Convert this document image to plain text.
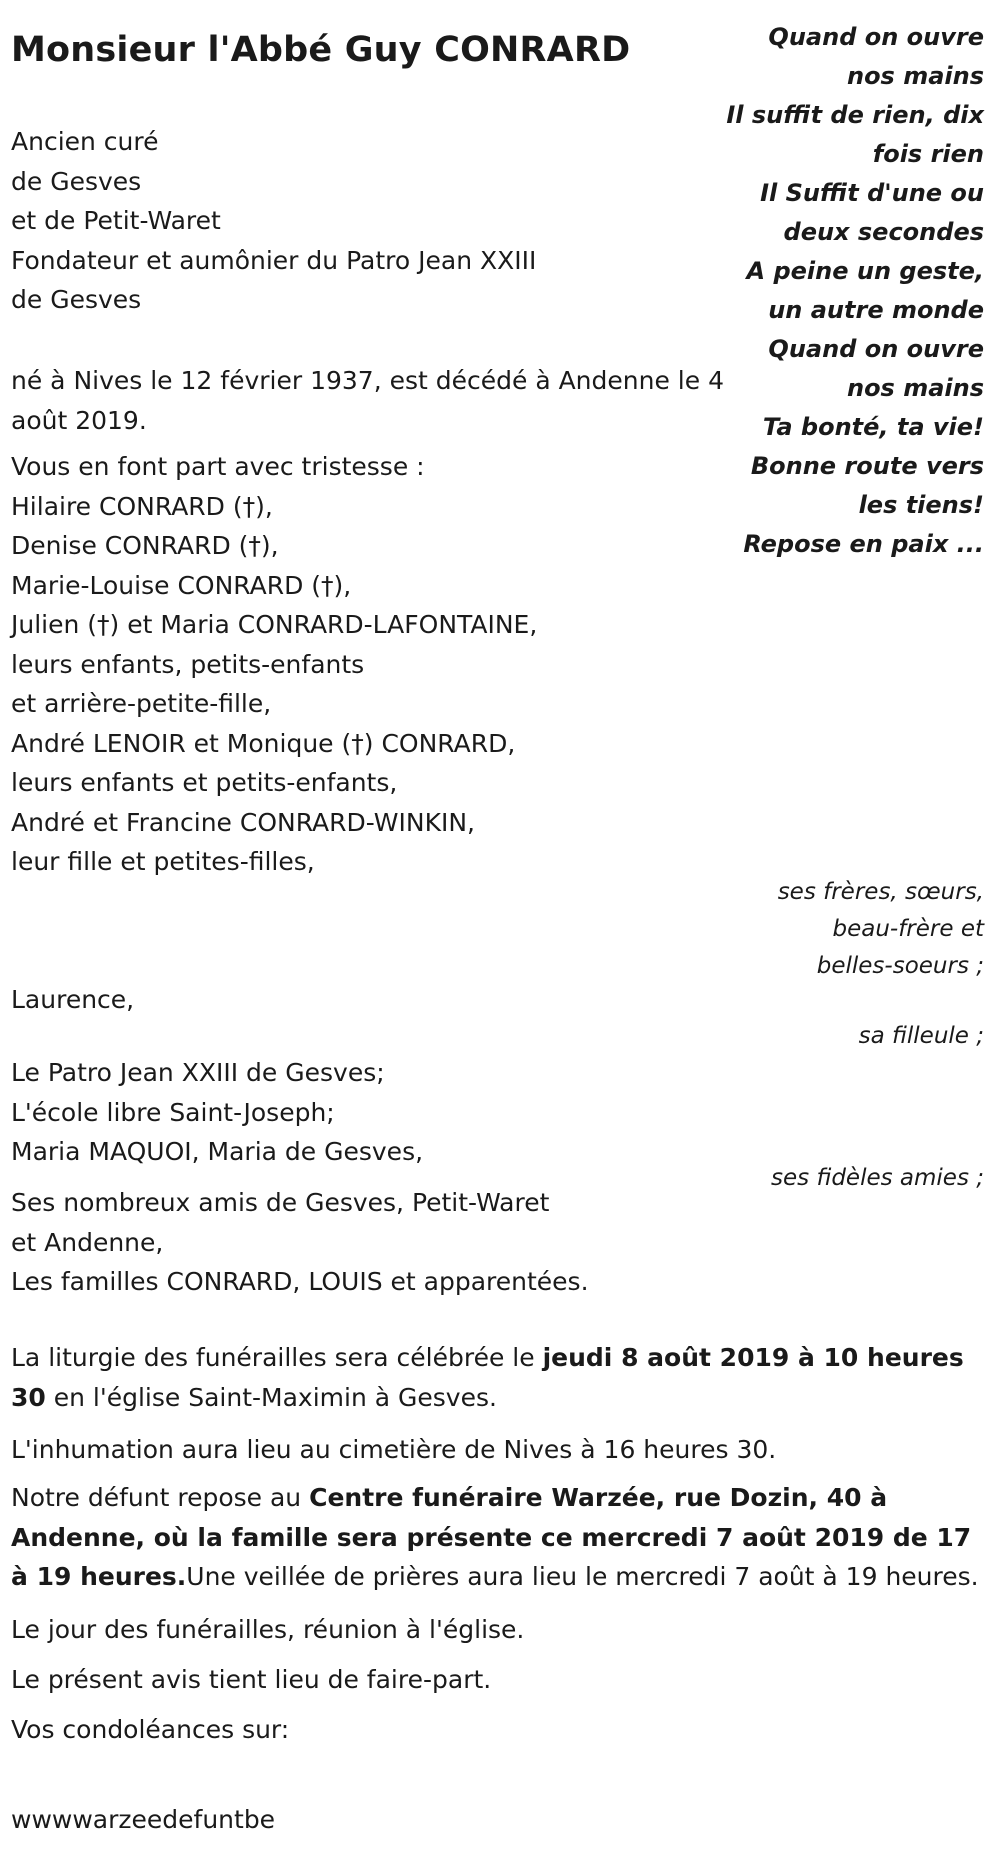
Monsieur l'Abbé Guy CONRARD	Quand on ouvre
nos mains
Il suffit de rien, dix
fois rien
Il Suffit d'une ou
deux secondes
A peine un geste,
un autre monde
Quand on ouvre
nos mains
Ta bonté, ta vie!
Bonne route vers
les tiens!
Repose en paix ...
Ancien curé
de Gesves
et de Petit-Waret
Fondateur et aumônier du Patro Jean XXIII
de Gesves
né à Nives le 12 février 1937, est décédé à Andenne le 4
août 2019.
Vous en font part avec tristesse :
Hilaire CONRARD (†),
Denise CONRARD (†),
Marie-Louise CONRARD (†),
Julien (†) et Maria CONRARD-LAFONTAINE,
leurs enfants, petits-enfants
et arrière-petite-fille,
André LENOIR et Monique (†) CONRARD,
leurs enfants et petits-enfants,
André et Francine CONRARD-WINKIN,
leur fille et petites-filles,
ses frères, sœurs,
beau-frère et
belles-soeurs ;
Laurence,
sa filleule ;
Le Patro Jean XXIII de Gesves;
L'école libre Saint-Joseph;
Maria MAQUOI, Maria de Gesves,
ses fidèles amies ;
Ses nombreux amis de Gesves, Petit-Waret
et Andenne,
Les familles CONRARD, LOUIS et apparentées.
La liturgie des funérailles sera célébrée le jeudi 8 août 2019 à 10 heures 30 en l'église Saint-Maximin à Gesves.
L'inhumation aura lieu au cimetière de Nives à 16 heures 30.
Notre défunt repose au Centre funéraire Warzée, rue Dozin, 40 à Andenne, où la famille sera présente ce mercredi 7 août 2019 de 17 à 19 heures.Une veillée de prières aura lieu le mercredi 7 août à 19 heures.
Le jour des funérailles, réunion à l'église.
Le présent avis tient lieu de faire-part.
Vos condoléances sur:
wwwwarzeedefuntbe
